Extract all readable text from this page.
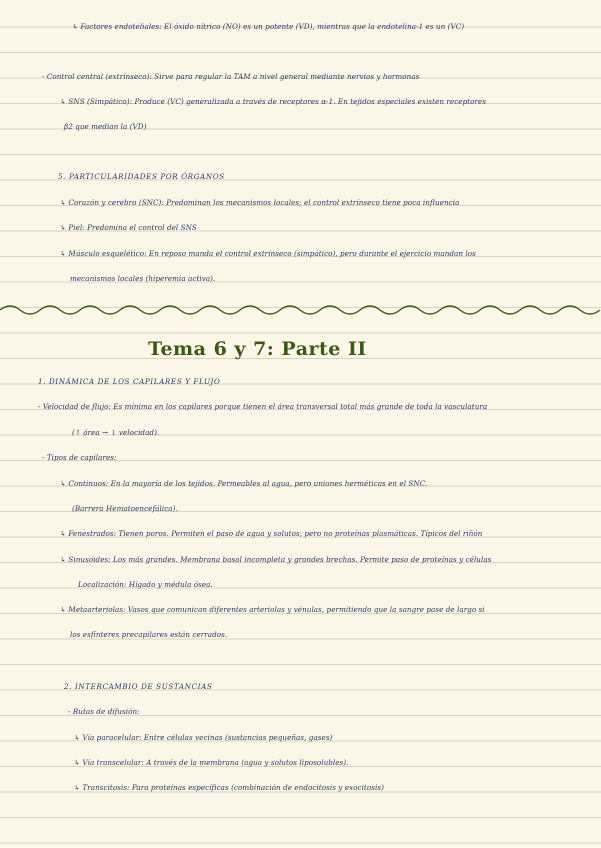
↳ Factores endoteliales: El óxido nítrico (NO) es un potente (VD), mientras que la endotelina-1 es un (VC)
- Control central (extrínseco): Sirve para regular la TAM a nivel general mediante nervios y hormonas
↳ SNS (Simpático): Produce (VC) generalizada a través de receptores α-1. En tejidos especiales existen receptores
β2 que median la (VD)
5. PARTICULARIDADES POR ÓRGANOS
↳ Corazón y cerebro (SNC): Predominan los mecanismos locales; el control extrínseco tiene poca influencia
↳ Piel: Predomina el control del SNS
↳ Músculo esquelético: En reposo manda el control extrínseco (simpático), pero durante el ejercicio mandan los
mecanismos locales (hiperemia activa).
Tema 6 y 7: Parte II
1. DINÁMICA DE LOS CAPILARES Y FLUJO
- Velocidad de flujo: Es mínima en los capilares porque tienen el área transversal total más grande de toda la vasculatura
(↑ área → ↓ velocidad).
- Tipos de capilares:
↳ Continuos: En la mayoría de los tejidos. Permeables al agua, pero uniones herméticas en el SNC.
(Barrera Hematoencefálica).
↳ Fenestrados: Tienen poros. Permiten el paso de agua y solutos, pero no proteínas plasmáticas. Típicos del riñón
↳ Sinusoides: Los más grandes. Membrana basal incompleta y grandes brechas. Permite paso de proteínas y células
Localización: Hígado y médula ósea.
↳ Metaarteriolas: Vasos que comunican diferentes arteriolas y vénulas, permitiendo que la sangre pase de largo si
los esfínteres precapilares están cerrados.
2. INTERCAMBIO DE SUSTANCIAS
- Rutas de difusión:
↳ Vía paracelular: Entre células vecinas (sustancias pequeñas, gases)
↳ Vía transcelular: A través de la membrana (agua y solutos liposolubles).
↳ Transcitosis: Para proteínas específicas (combinación de endocitosis y exocitosis)
